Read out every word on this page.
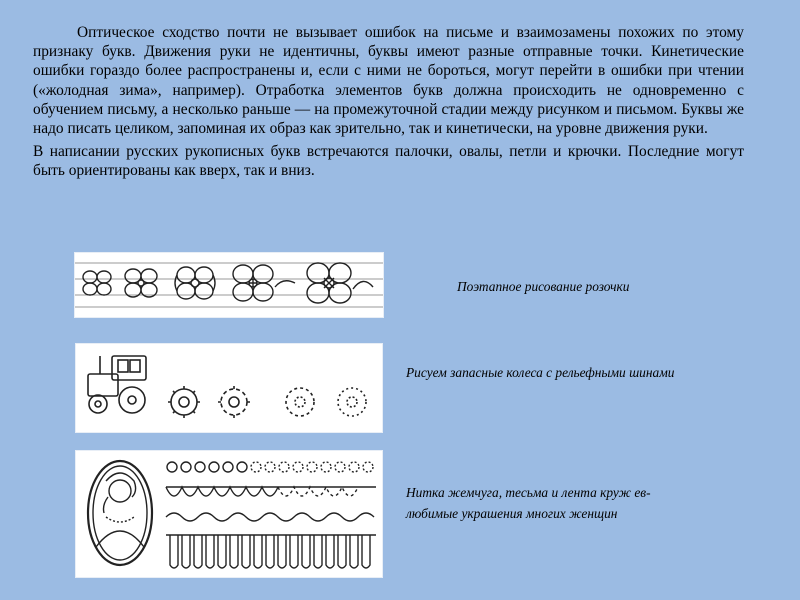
Оптическое сходство почти не вызывает ошибок на письме и взаимозамены похожих по этому признаку букв. Движения руки не идентичны, буквы имеют разные отправные точки. Кинетические ошибки гораздо более распространены и, если с ними не бороться, могут перейти в ошибки при чтении («жолодная зима», например). Отработка элементов букв должна происходить не одновременно с обучением письму, а несколько раньше — на промежуточной стадии между рисунком и письмом. Буквы же надо писать целиком, запоминая их образ как зрительно, так и кинетически, на уровне движения руки.

В написании русских рукописных букв встречаются палочки, овалы, петли и крючки. Последние могут быть ориентированы как вверх, так и вниз.

Поэтапное рисование розочки
Рисуем запасные колеса с рельефными шинами
Нитка жемчуга, тесьма и лента круж ев-
любимые украшения многих женщин
